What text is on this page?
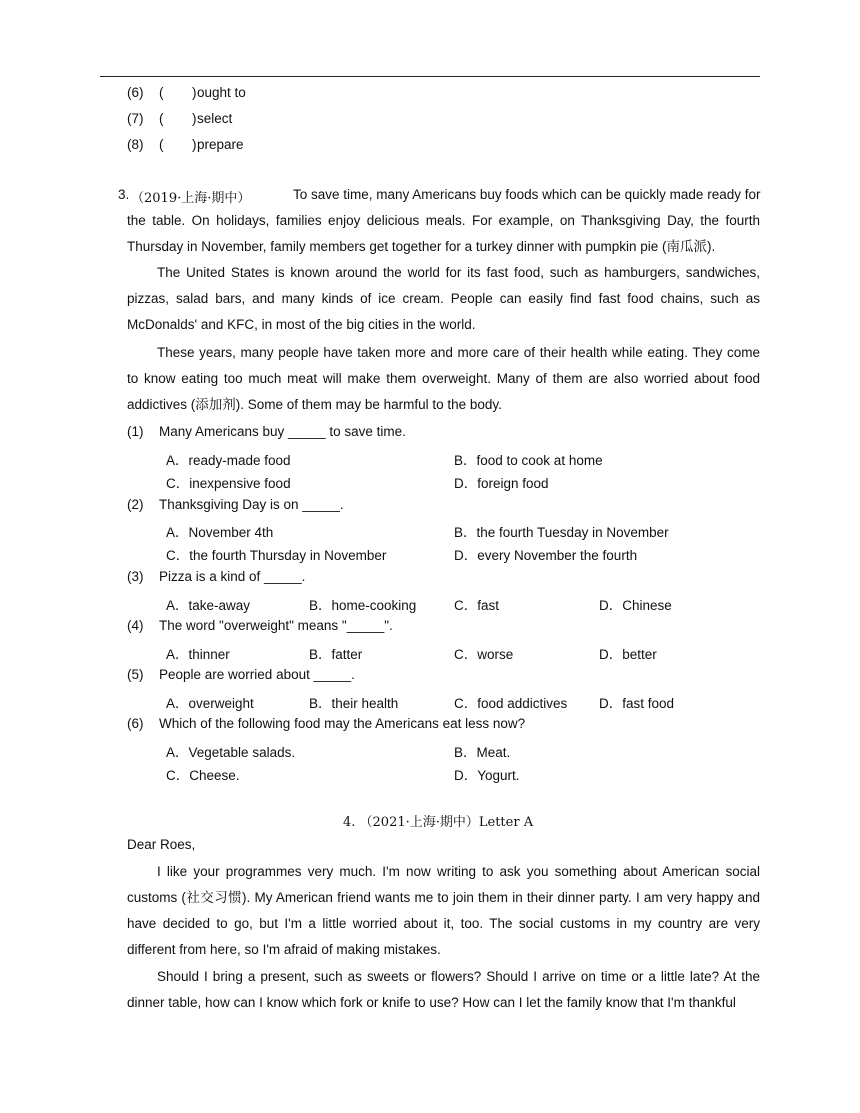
(6) ( ) ought to
(7) ( ) select
(8) ( ) prepare
3. （2019·上海·期中）	To save time, many Americans buy foods which can be quickly made ready for
the table. On holidays, families enjoy delicious meals. For example, on Thanksgiving Day, the fourth Thursday in November, family members get together for a turkey dinner with pumpkin pie (南瓜派).
The United States is known around the world for its fast food, such as hamburgers, sandwiches, pizzas, salad bars, and many kinds of ice cream. People can easily find fast food chains, such as McDonalds' and KFC, in most of the big cities in the world.
These years, many people have taken more and more care of their health while eating. They come to know eating too much meat will make them overweight. Many of them are also worried about food addictives (添加剂). Some of them may be harmful to the body.
(1) Many Americans buy _____ to save time.
A．ready-made food	B．food to cook at home
C．inexpensive food	D．foreign food
(2) Thanksgiving Day is on _____.
A．November 4th	B．the fourth Tuesday in November
C．the fourth Thursday in November	D．every November the fourth
(3) Pizza is a kind of _____.
A．take-away	B．home-cooking	C．fast	D．Chinese
(4) The word "overweight" means "_____".
A．thinner	B．fatter	C．worse	D．better
(5) People are worried about _____.
A．overweight	B．their health	C．food addictives D．fast food
(6) Which of the following food may the Americans eat less now?
A．Vegetable salads.	B．Meat.
C．Cheese.	D．Yogurt.
4. （2021·上海·期中）Letter A
Dear Roes,
I like your programmes very much. I'm now writing to ask you something about American social customs (社交习惯). My American friend wants me to join them in their dinner party. I am very happy and have decided to go, but I'm a little worried about it, too. The social customs in my country are very different from here, so I'm afraid of making mistakes.
Should I bring a present, such as sweets or flowers? Should I arrive on time or a little late? At the dinner table, how can I know which fork or knife to use? How can I let the family know that I'm thankful
